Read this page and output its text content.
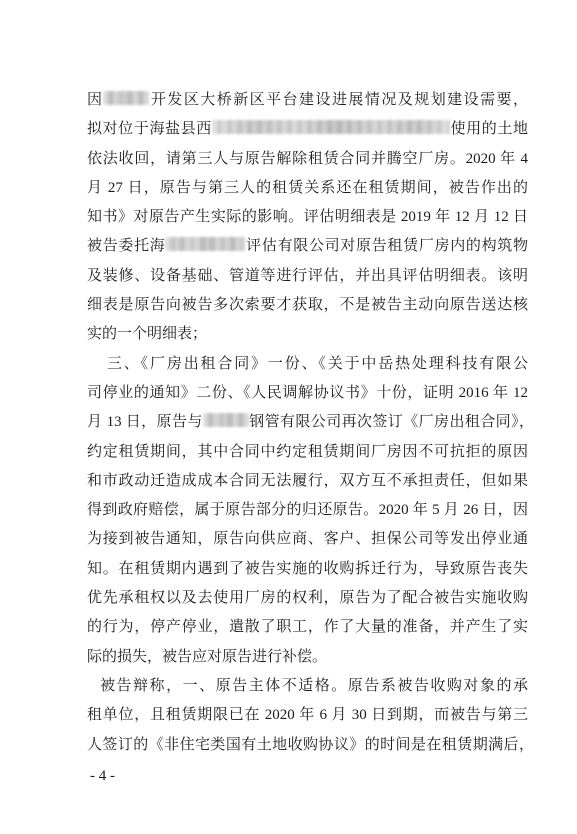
因	开发区大桥新区平台建设进展情况及规划建设需要，
拟对位于海盐县西	使用的土地
依法收回，请第三人与原告解除租赁合同并腾空厂房。2020 年 4
月 27 日，原告与第三人的租赁关系还在租赁期间，被告作出的
知书》对原告产生实际的影响。评估明细表是 2019 年 12 月 12 日
被告委托海	评估有限公司对原告租赁厂房内的构筑物
及装修、设备基础、管道等进行评估，并出具评估明细表。该明
细表是原告向被告多次索要才获取，不是被告主动向原告送达核
实的一个明细表；
三、《厂房出租合同》一份、《关于中岳热处理科技有限公
司停业的通知》二份、《人民调解协议书》十份，证明 2016 年 12
月 13 日，原告与	钢管有限公司再次签订《厂房出租合同》，
约定租赁期间，其中合同中约定租赁期间厂房因不可抗拒的原因
和市政动迁造成成本合同无法履行，双方互不承担责任，但如果
得到政府赔偿，属于原告部分的归还原告。2020 年 5 月 26 日，因
为接到被告通知，原告向供应商、客户、担保公司等发出停业通
知。在租赁期内遇到了被告实施的收购拆迁行为，导致原告丧失
优先承租权以及去使用厂房的权利，原告为了配合被告实施收购
的行为，停产停业，遣散了职工，作了大量的准备，并产生了实
际的损失，被告应对原告进行补偿。
被告辩称，一、原告主体不适格。原告系被告收购对象的承
租单位，且租赁期限已在 2020 年 6 月 30 日到期，而被告与第三
人签订的《非住宅类国有土地收购协议》的时间是在租赁期满后，
- 4 -
